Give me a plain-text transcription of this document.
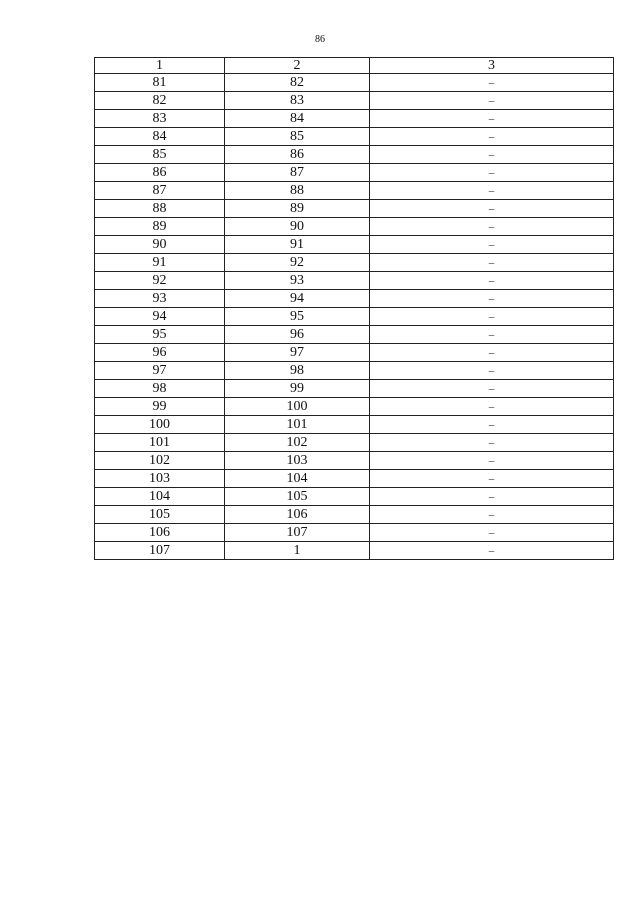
86
1	2	3
81	82	–
82	83	–
83	84	–
84	85	–
85	86	–
86	87	–
87	88	–
88	89	–
89	90	–
90	91	–
91	92	–
92	93	–
93	94	–
94	95	–
95	96	–
96	97	–
97	98	–
98	99	–
99	100	–
100	101	–
101	102	–
102	103	–
103	104	–
104	105	–
105	106	–
106	107	–
107	1	–
